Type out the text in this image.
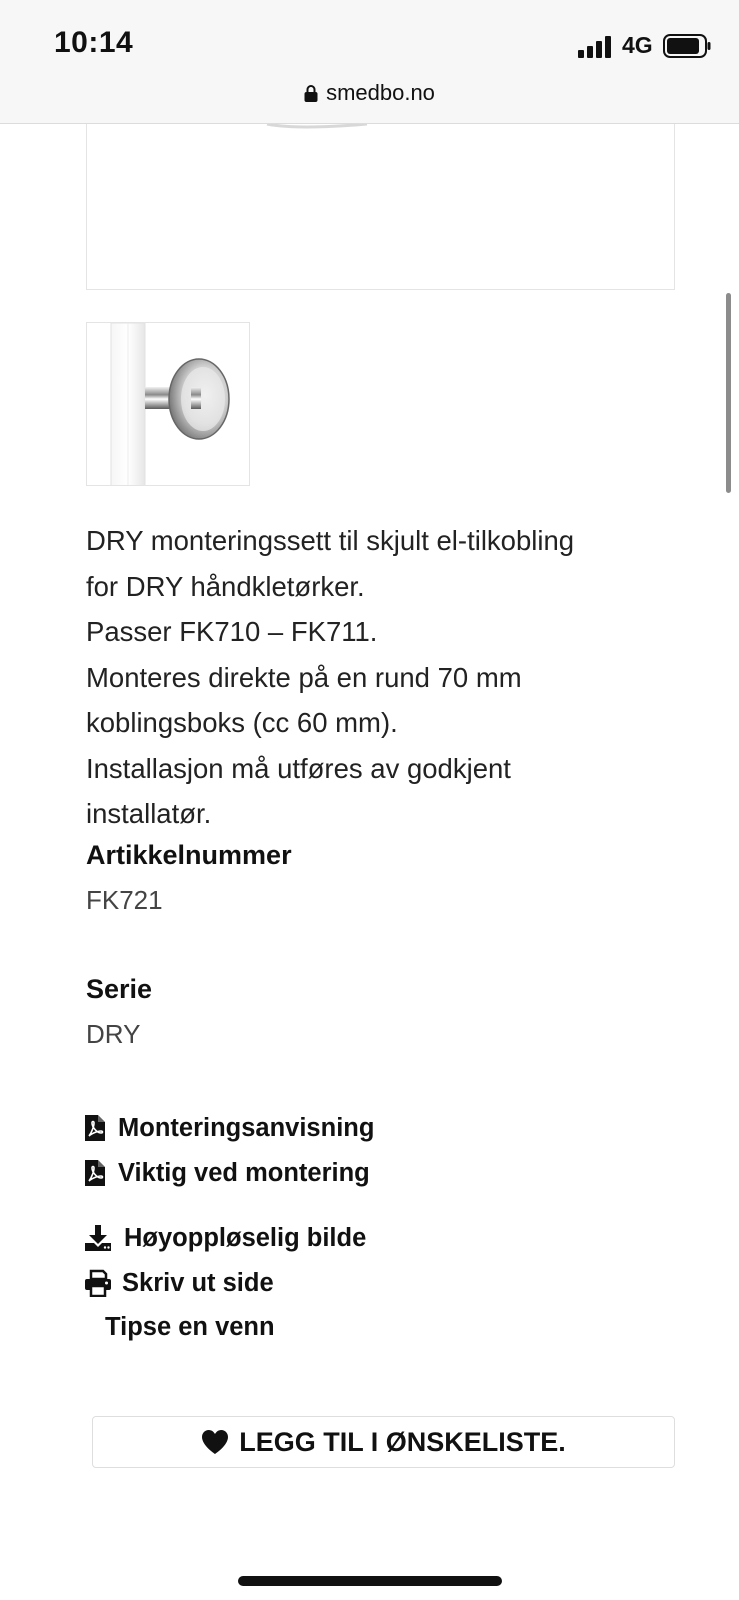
10:14	4G
smedbo.no
DRY monteringssett til skjult el-tilkobling
for DRY håndkletørker.
Passer FK710 – FK711.
Monteres direkte på en rund 70 mm
koblingsboks (cc 60 mm).
Installasjon må utføres av godkjent
installatør.
Artikkelnummer
FK721
Serie
DRY
Monteringsanvisning
Viktig ved montering
Høyoppløselig bilde
Skriv ut side
Tipse en venn
LEGG TIL I ØNSKELISTE.
